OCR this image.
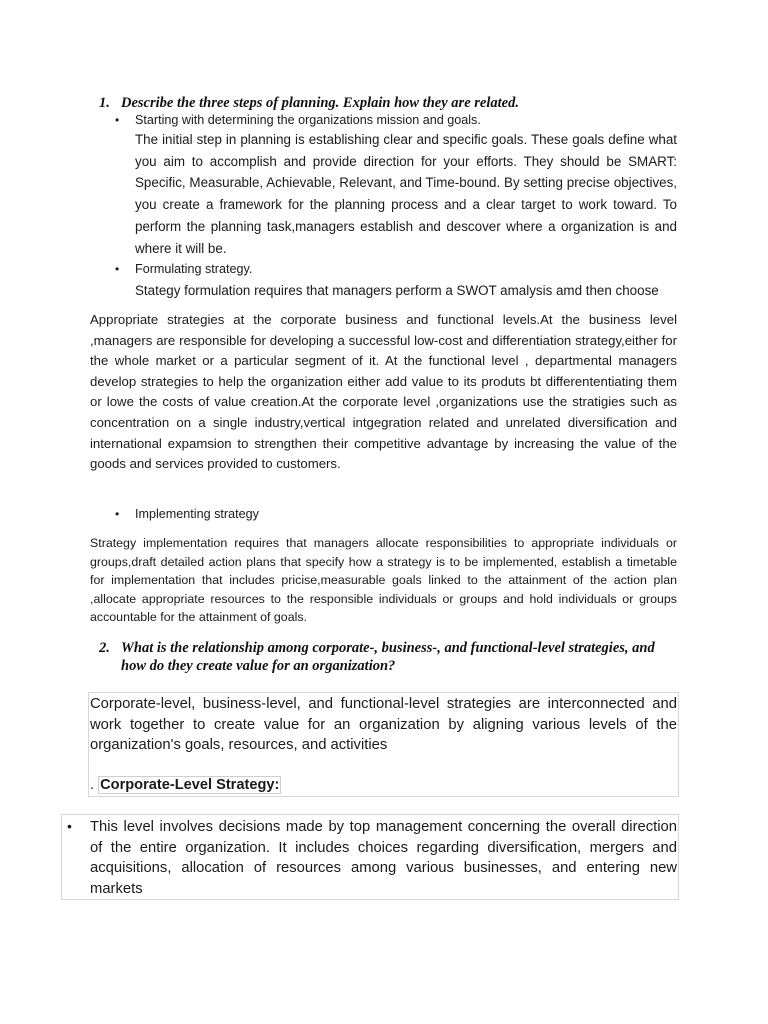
1. Describe the three steps of planning. Explain how they are related.
• Starting with determining the organizations mission and goals.
The initial step in planning is establishing clear and specific goals. These goals define what you aim to accomplish and provide direction for your efforts. They should be SMART: Specific, Measurable, Achievable, Relevant, and Time-bound. By setting precise objectives, you create a framework for the planning process and a clear target to work toward. To perform the planning task,managers establish and descover where a organization is and where it will be.
• Formulating strategy.
Stategy formulation requires that managers perform a SWOT amalysis amd then choose
Appropriate strategies at the corporate business and functional levels.At the business level ,managers are responsible for developing a successful low-cost and differentiation strategy,either for the whole market or a particular segment of it. At the functional level , departmental managers develop strategies to help the organization either add value to its produts bt differententiating them or lowe the costs of value creation.At the corporate level ,organizations use the stratigies such as concentration on a single industry,vertical intgegration related and unrelated diversification and international expamsion to strengthen their competitive advantage by increasing the value of the goods and services provided to customers.
• Implementing strategy
Strategy implementation requires that managers allocate responsibilities to appropriate individuals or groups,draft detailed action plans that specify how a strategy is to be implemented, establish a timetable for implementation that includes pricise,measurable goals linked to the attainment of the action plan ,allocate appropriate resources to the responsible individuals or groups and hold individuals or groups accountable for the attainment of goals.
2. What is the relationship among corporate-, business-, and functional-level strategies, and
how do they create value for an organization?
Corporate-level, business-level, and functional-level strategies are interconnected and work together to create value for an organization by aligning various levels of the organization's goals, resources, and activities
. Corporate-Level Strategy:
• This level involves decisions made by top management concerning the overall direction of the entire organization. It includes choices regarding diversification, mergers and acquisitions, allocation of resources among various businesses, and entering new markets
